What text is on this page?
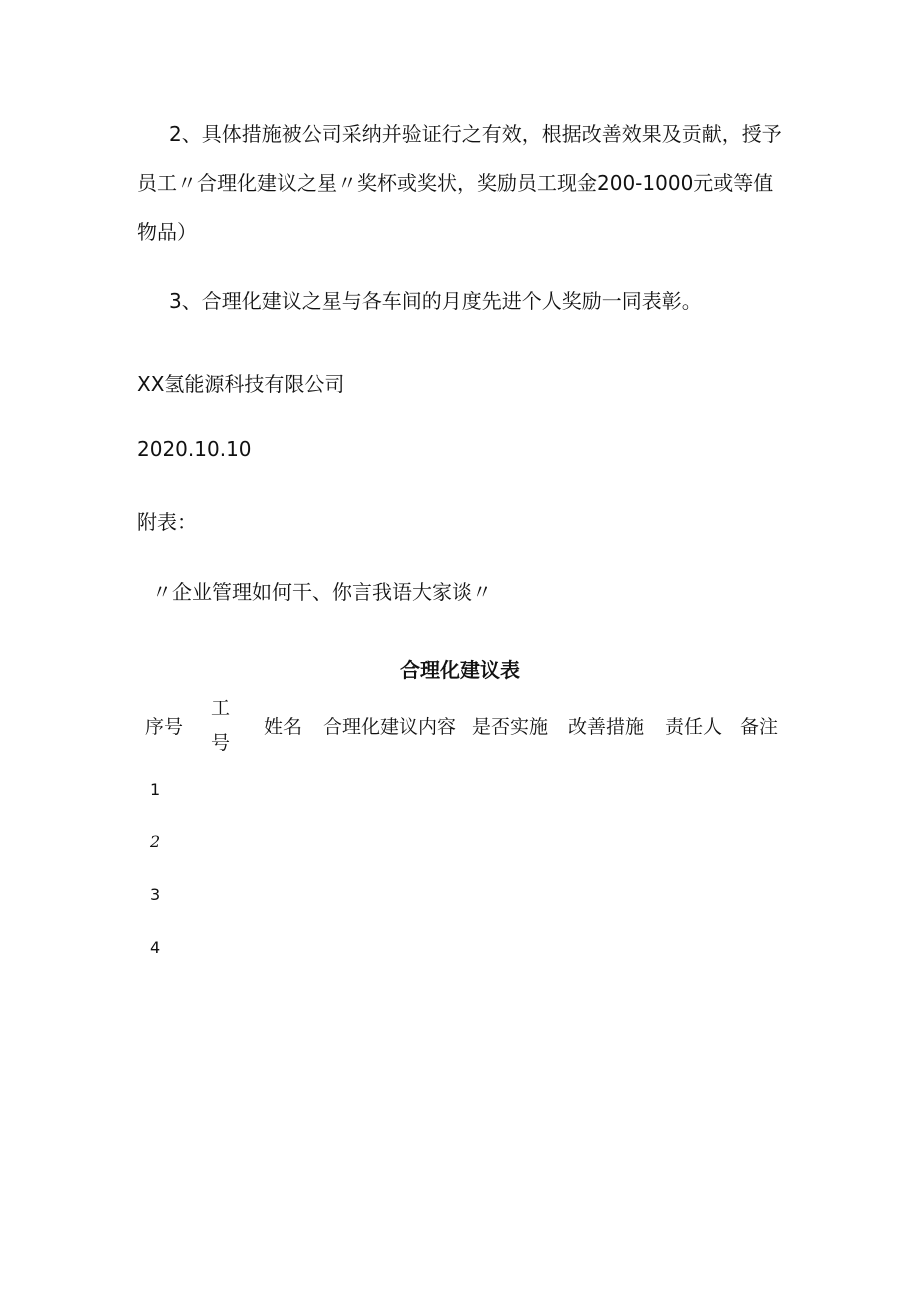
2、具体措施被公司采纳并验证行之有效，根据改善效果及贡献，授予员工〃合理化建议之星〃奖杯或奖状，奖励员工现金200-1000元或等值物品）

3、合理化建议之星与各车间的月度先进个人奖励一同表彰。

XX氢能源科技有限公司

2020.10.10

附表：

〃企业管理如何干、你言我语大家谈〃

合理化建议表

序号
工
号
姓名 合理化建议内容 是否实施 改善措施 责任人 备注
1
2
3
4
